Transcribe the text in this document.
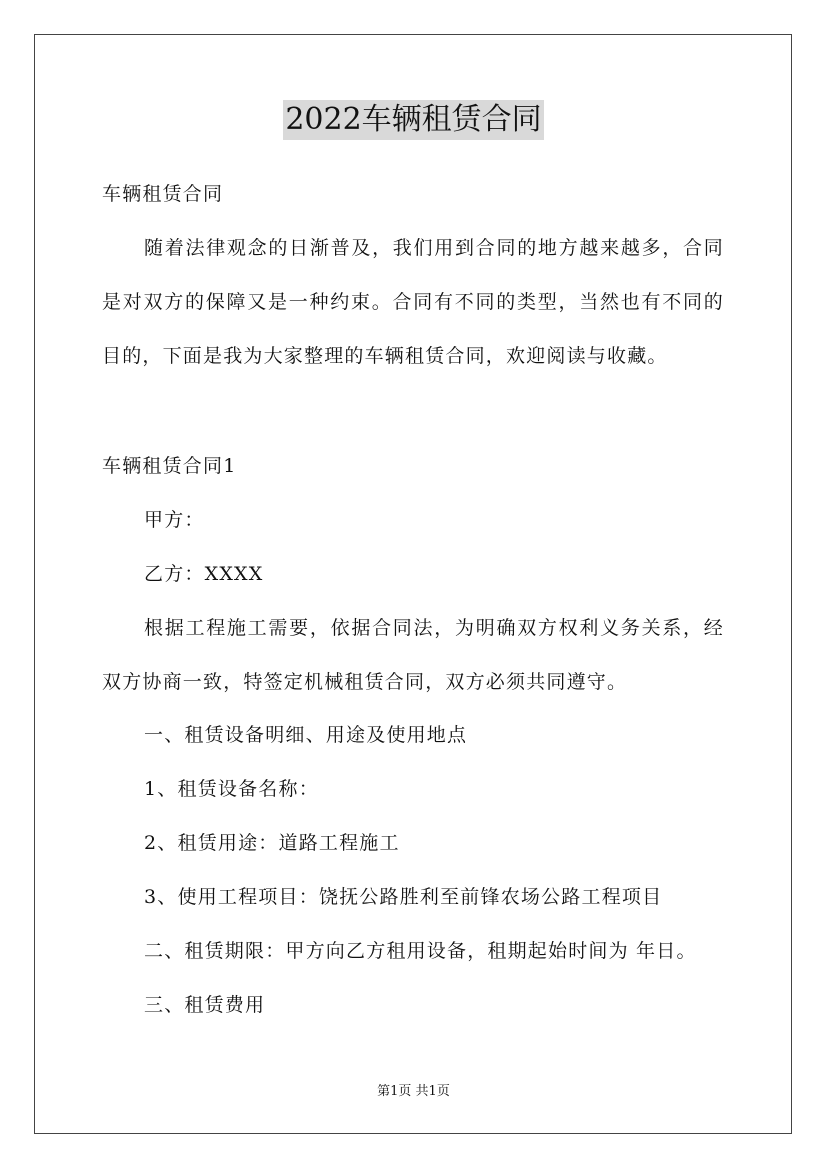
2022车辆租赁合同
车辆租赁合同
随着法律观念的日渐普及，我们用到合同的地方越来越多，合同
是对双方的保障又是一种约束。合同有不同的类型，当然也有不同的
目的，下面是我为大家整理的车辆租赁合同，欢迎阅读与收藏。
车辆租赁合同1
甲方：
乙方：XXXX
根据工程施工需要，依据合同法，为明确双方权利义务关系，经
双方协商一致，特签定机械租赁合同，双方必须共同遵守。
一、租赁设备明细、用途及使用地点
1、租赁设备名称：
2、租赁用途：道路工程施工
3、使用工程项目：饶抚公路胜利至前锋农场公路工程项目
二、租赁期限：甲方向乙方租用设备，租期起始时间为 年日。
三、租赁费用
第1页 共1页
